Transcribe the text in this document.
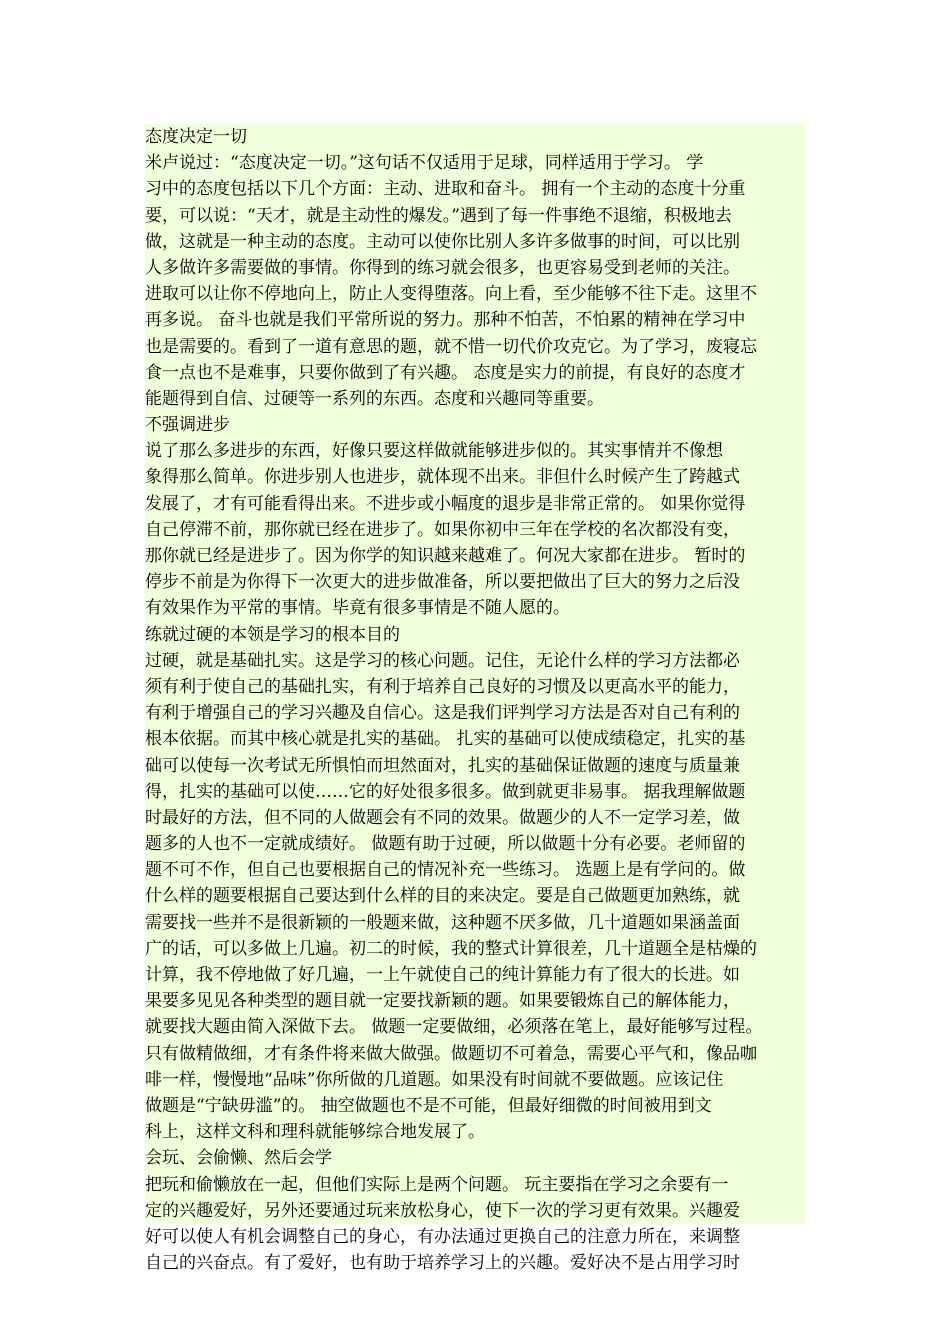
态度决定一切
米卢说过：“态度决定一切。”这句话不仅适用于足球，同样适用于学习。 学
习中的态度包括以下几个方面：主动、进取和奋斗。 拥有一个主动的态度十分重
要，可以说：“天才，就是主动性的爆发。”遇到了每一件事绝不退缩，积极地去
做，这就是一种主动的态度。主动可以使你比别人多许多做事的时间，可以比别
人多做许多需要做的事情。你得到的练习就会很多，也更容易受到老师的关注。
进取可以让你不停地向上，防止人变得堕落。向上看，至少能够不往下走。这里不
再多说。 奋斗也就是我们平常所说的努力。那种不怕苦，不怕累的精神在学习中
也是需要的。看到了一道有意思的题，就不惜一切代价攻克它。为了学习，废寝忘
食一点也不是难事，只要你做到了有兴趣。 态度是实力的前提，有良好的态度才
能题得到自信、过硬等一系列的东西。态度和兴趣同等重要。
不强调进步
说了那么多进步的东西，好像只要这样做就能够进步似的。其实事情并不像想
象得那么简单。你进步别人也进步，就体现不出来。非但什么时候产生了跨越式
发展了，才有可能看得出来。不进步或小幅度的退步是非常正常的。 如果你觉得
自己停滞不前，那你就已经在进步了。如果你初中三年在学校的名次都没有变，
那你就已经是进步了。因为你学的知识越来越难了。何况大家都在进步。 暂时的
停步不前是为你得下一次更大的进步做准备，所以要把做出了巨大的努力之后没
有效果作为平常的事情。毕竟有很多事情是不随人愿的。
练就过硬的本领是学习的根本目的
过硬，就是基础扎实。这是学习的核心问题。记住，无论什么样的学习方法都必
须有利于使自己的基础扎实，有利于培养自己良好的习惯及以更高水平的能力，
有利于增强自己的学习兴趣及自信心。这是我们评判学习方法是否对自己有利的
根本依据。而其中核心就是扎实的基础。 扎实的基础可以使成绩稳定，扎实的基
础可以使每一次考试无所惧怕而坦然面对，扎实的基础保证做题的速度与质量兼
得，扎实的基础可以使……它的好处很多很多。做到就更非易事。 据我理解做题
时最好的方法，但不同的人做题会有不同的效果。做题少的人不一定学习差，做
题多的人也不一定就成绩好。 做题有助于过硬，所以做题十分有必要。老师留的
题不可不作，但自己也要根据自己的情况补充一些练习。 选题上是有学问的。做
什么样的题要根据自己要达到什么样的目的来决定。要是自己做题更加熟练，就
需要找一些并不是很新颖的一般题来做，这种题不厌多做，几十道题如果涵盖面
广的话，可以多做上几遍。初二的时候，我的整式计算很差，几十道题全是枯燥的
计算，我不停地做了好几遍，一上午就使自己的纯计算能力有了很大的长进。如
果要多见见各种类型的题目就一定要找新颖的题。如果要锻炼自己的解体能力，
就要找大题由简入深做下去。 做题一定要做细，必须落在笔上，最好能够写过程。
只有做精做细，才有条件将来做大做强。做题切不可着急，需要心平气和，像品咖
啡一样，慢慢地“品味”你所做的几道题。如果没有时间就不要做题。应该记住
做题是“宁缺毋滥”的。 抽空做题也不是不可能，但最好细微的时间被用到文
科上，这样文科和理科就能够综合地发展了。
会玩、会偷懒、然后会学
把玩和偷懒放在一起，但他们实际上是两个问题。 玩主要指在学习之余要有一
定的兴趣爱好，另外还要通过玩来放松身心，使下一次的学习更有效果。兴趣爱
好可以使人有机会调整自己的身心，有办法通过更换自己的注意力所在，来调整
自己的兴奋点。有了爱好，也有助于培养学习上的兴趣。爱好决不是占用学习时
